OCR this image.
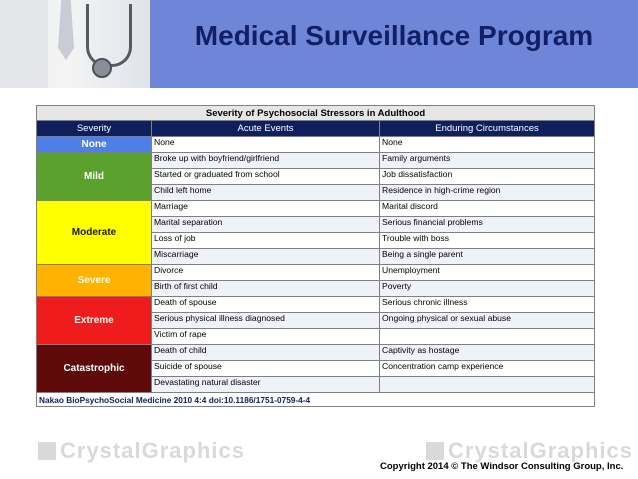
Medical Surveillance Program
Severity of Psychosocial Stressors in Adulthood		
Severity	Acute Events	Enduring Circumstances
None	None	None
Mild	Broke up with boyfriend/girlfriend	Family arguments
	Started or graduated from school	Job dissatisfaction
	Child left home	Residence in high-crime region
Moderate	Marriage	Marital discord
	Marital separation	Serious financial problems
	Loss of job	Trouble with boss
	Miscarriage	Being a single parent
Severe	Divorce	Unemployment
	Birth of first child	Poverty
Extreme	Death of spouse	Serious chronic illness
	Serious physical illness diagnosed	Ongoing physical or sexual abuse
	Victim of rape	
Catastrophic	Death of child	Captivity as hostage
	Suicide of spouse	Concentration camp experience
	Devastating natural disaster	
Nakao BioPsychoSocial Medicine 2010 4:4 doi:10.1186/1751-0759-4-4		
CrystalGraphics	CrystalGraphics
Copyright 2014 © The Windsor Consulting Group, Inc.
